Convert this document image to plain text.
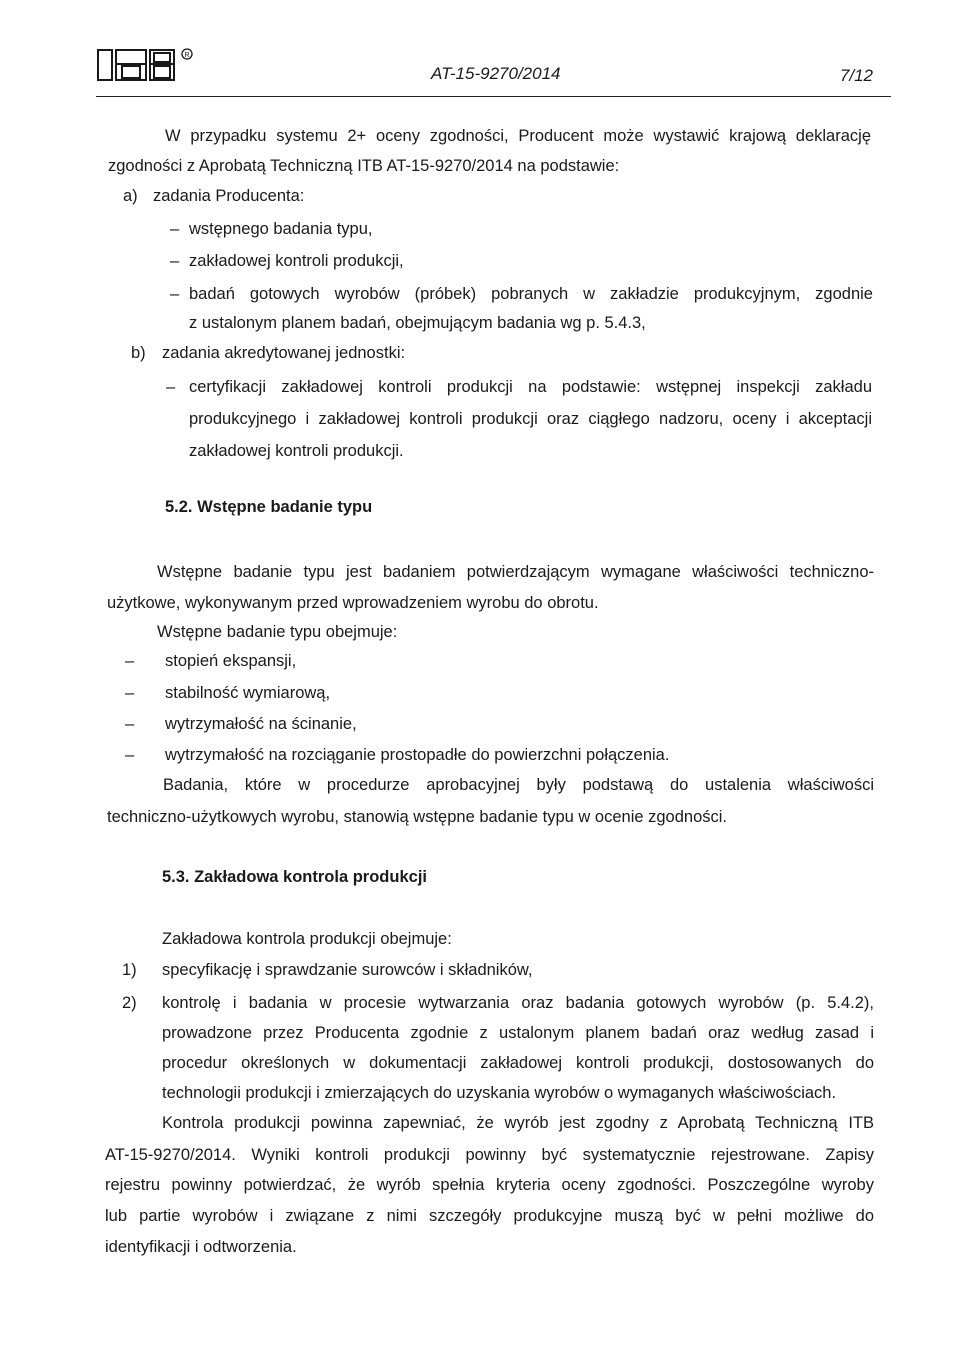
R
AT-15-9270/2014	7/12
W przypadku systemu 2+ oceny zgodności, Producent może wystawić krajową deklarację
zgodności z Aprobatą Techniczną ITB AT-15-9270/2014 na podstawie:
a) zadania Producenta:
– wstępnego badania typu,
– zakładowej kontroli produkcji,
– badań gotowych wyrobów (próbek) pobranych w zakładzie produkcyjnym, zgodnie
z ustalonym planem badań, obejmującym badania wg p. 5.4.3,
b) zadania akredytowanej jednostki:
– certyfikacji zakładowej kontroli produkcji na podstawie: wstępnej inspekcji zakładu
produkcyjnego i zakładowej kontroli produkcji oraz ciągłego nadzoru, oceny i akceptacji
zakładowej kontroli produkcji.
5.2. Wstępne badanie typu
Wstępne badanie typu jest badaniem potwierdzającym wymagane właściwości techniczno-
użytkowe, wykonywanym przed wprowadzeniem wyrobu do obrotu.
Wstępne badanie typu obejmuje:
– stopień ekspansji,
– stabilność wymiarową,
– wytrzymałość na ścinanie,
– wytrzymałość na rozciąganie prostopadłe do powierzchni połączenia.
Badania, które w procedurze aprobacyjnej były podstawą do ustalenia właściwości
techniczno-użytkowych wyrobu, stanowią wstępne badanie typu w ocenie zgodności.
5.3. Zakładowa kontrola produkcji
Zakładowa kontrola produkcji obejmuje:
1) specyfikację i sprawdzanie surowców i składników,
2) kontrolę i badania w procesie wytwarzania oraz badania gotowych wyrobów (p. 5.4.2),
prowadzone przez Producenta zgodnie z ustalonym planem badań oraz według zasad i
procedur określonych w dokumentacji zakładowej kontroli produkcji, dostosowanych do
technologii produkcji i zmierzających do uzyskania wyrobów o wymaganych właściwościach.
Kontrola produkcji powinna zapewniać, że wyrób jest zgodny z Aprobatą Techniczną ITB
AT-15-9270/2014. Wyniki kontroli produkcji powinny być systematycznie rejestrowane. Zapisy
rejestru powinny potwierdzać, że wyrób spełnia kryteria oceny zgodności. Poszczególne wyroby
lub partie wyrobów i związane z nimi szczegóły produkcyjne muszą być w pełni możliwe do
identyfikacji i odtworzenia.
